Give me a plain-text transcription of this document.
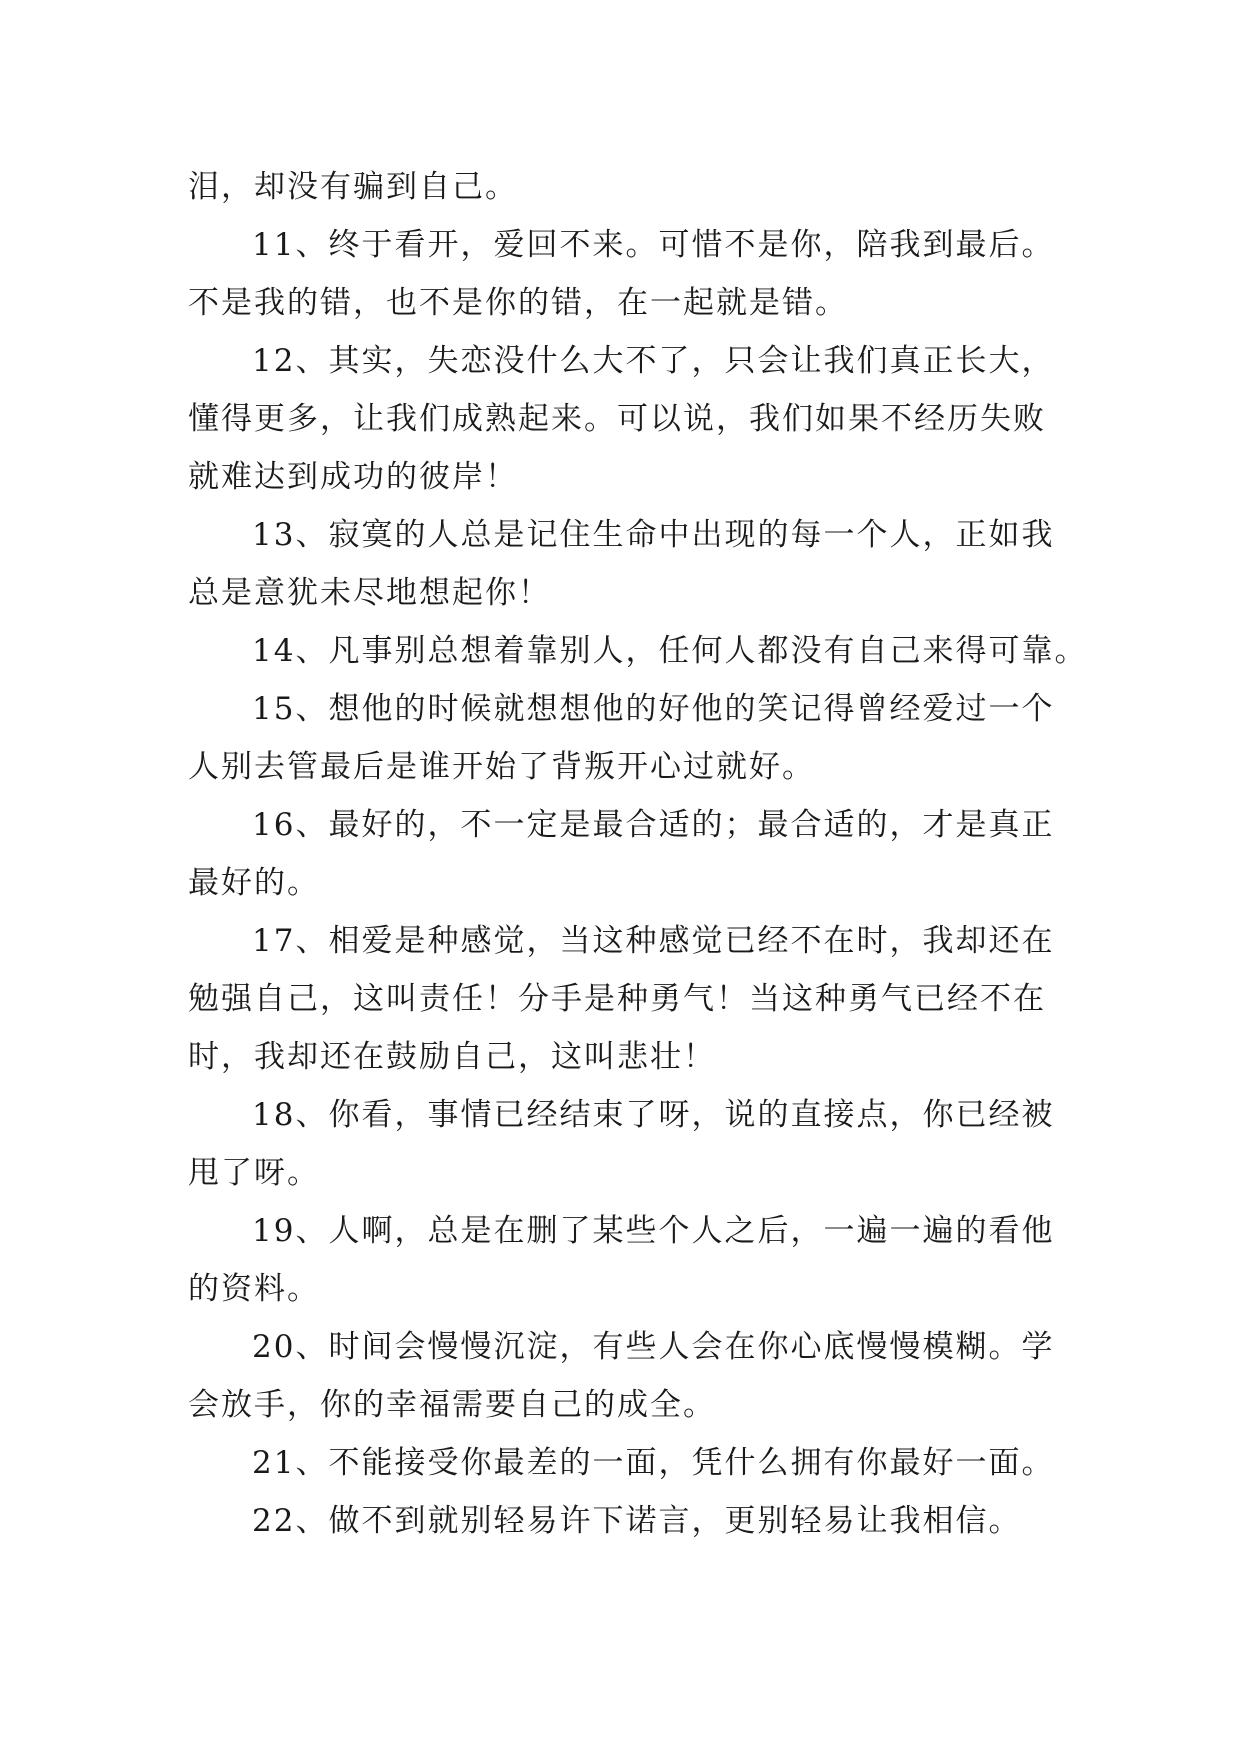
泪，却没有骗到自己。
11、终于看开，爱回不来。可惜不是你，陪我到最后。
不是我的错，也不是你的错，在一起就是错。
12、其实，失恋没什么大不了，只会让我们真正长大，
懂得更多，让我们成熟起来。可以说，我们如果不经历失败
就难达到成功的彼岸！
13、寂寞的人总是记住生命中出现的每一个人，正如我
总是意犹未尽地想起你！
14、凡事别总想着靠别人，任何人都没有自己来得可靠。
15、想他的时候就想想他的好他的笑记得曾经爱过一个
人别去管最后是谁开始了背叛开心过就好。
16、最好的，不一定是最合适的；最合适的，才是真正
最好的。
17、相爱是种感觉，当这种感觉已经不在时，我却还在
勉强自己，这叫责任！分手是种勇气！当这种勇气已经不在
时，我却还在鼓励自己，这叫悲壮！
18、你看，事情已经结束了呀，说的直接点，你已经被
甩了呀。
19、人啊，总是在删了某些个人之后，一遍一遍的看他
的资料。
20、时间会慢慢沉淀，有些人会在你心底慢慢模糊。学
会放手，你的幸福需要自己的成全。
21、不能接受你最差的一面，凭什么拥有你最好一面。
22、做不到就别轻易许下诺言，更别轻易让我相信。
